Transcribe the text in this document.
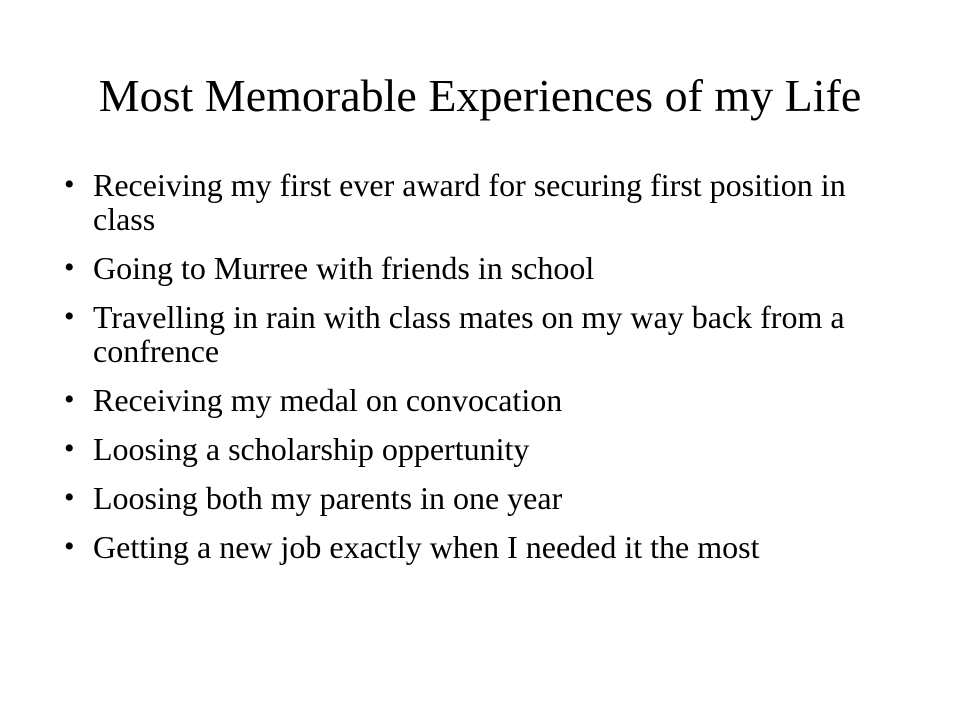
Most Memorable Experiences of my Life
• Receiving my first ever award for securing first position in class
• Going to Murree with friends in school
• Travelling in rain with class mates on my way back from a confrence
• Receiving my medal on convocation
• Loosing a scholarship oppertunity
• Loosing both my parents in one year
• Getting a new job exactly when I needed it the most
